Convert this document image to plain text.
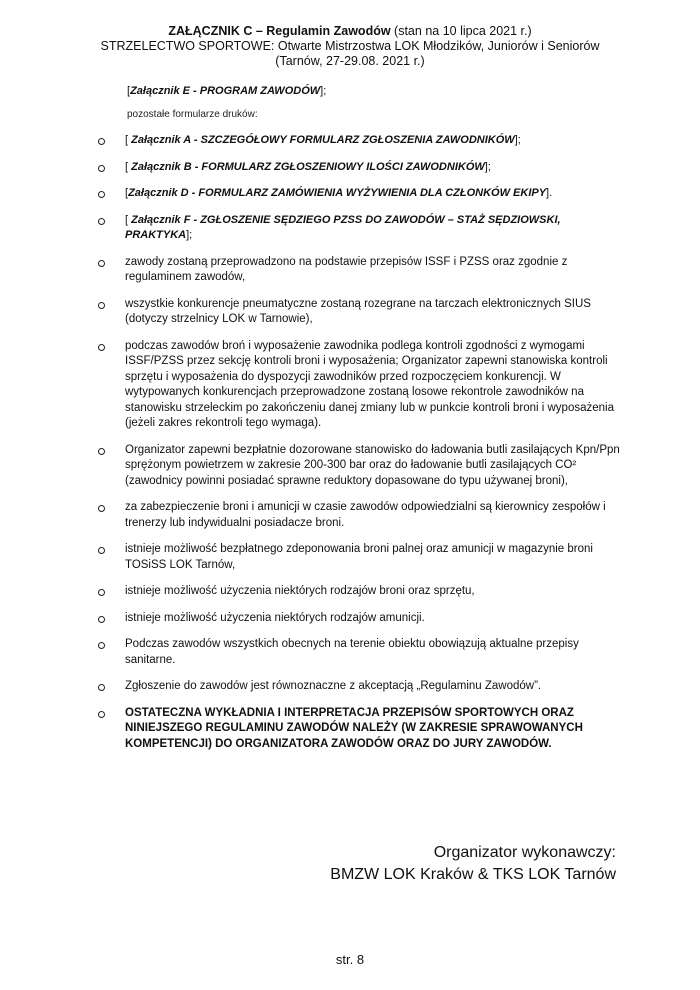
ZAŁĄCZNIK C – Regulamin Zawodów (stan na 10 lipca 2021 r.)
STRZELECTWO SPORTOWE: Otwarte Mistrzostwa LOK Młodzików, Juniorów i Seniorów
(Tarnów, 27-29.08. 2021 r.)
[Załącznik E - PROGRAM ZAWODÓW];
pozostałe formularze druków:
[ Załącznik A - SZCZEGÓŁOWY FORMULARZ ZGŁOSZENIA ZAWODNIKÓW];
[ Załącznik B - FORMULARZ ZGŁOSZENIOWY ILOŚCI ZAWODNIKÓW];
[Załącznik D - FORMULARZ ZAMÓWIENIA WYŻYWIENIA DLA CZŁONKÓW EKIPY].
[ Załącznik F - ZGŁOSZENIE SĘDZIEGO PZSS DO ZAWODÓW – STAŻ SĘDZIOWSKI, PRAKTYKA];
zawody zostaną przeprowadzono na podstawie przepisów ISSF i PZSS oraz zgodnie z regulaminem zawodów,
wszystkie konkurencje pneumatyczne zostaną rozegrane na tarczach elektronicznych SIUS (dotyczy strzelnicy LOK w Tarnowie),
podczas zawodów broń i wyposażenie zawodnika podlega kontroli zgodności z wymogami ISSF/PZSS przez sekcję kontroli broni i wyposażenia; Organizator zapewni stanowiska kontroli sprzętu i wyposażenia do dyspozycji zawodników przed rozpoczęciem konkurencji. W wytypowanych konkurencjach przeprowadzone zostaną losowe rekontrole zawodników na stanowisku strzeleckim po zakończeniu danej zmiany lub w punkcie kontroli broni i wyposażenia (jeżeli zakres rekontroli tego wymaga).
Organizator zapewni bezpłatnie dozorowane stanowisko do ładowania butli zasilających Kpn/Ppn sprężonym powietrzem w zakresie 200-300 bar oraz do ładowanie butli zasilających CO² (zawodnicy powinni posiadać sprawne reduktory dopasowane do typu używanej broni),
za zabezpieczenie broni i amunicji w czasie zawodów odpowiedzialni są kierownicy zespołów i trenerzy lub indywidualni posiadacze broni.
istnieje możliwość bezpłatnego zdeponowania broni palnej oraz amunicji w magazynie broni TOSiSS LOK Tarnów,
istnieje możliwość użyczenia niektórych rodzajów broni oraz sprzętu,
istnieje możliwość użyczenia niektórych rodzajów amunicji.
Podczas zawodów wszystkich obecnych na terenie obiektu obowiązują aktualne przepisy sanitarne.
Zgłoszenie do zawodów jest równoznaczne z akceptacją „Regulaminu Zawodów”.
OSTATECZNA WYKŁADNIA I INTERPRETACJA PRZEPISÓW SPORTOWYCH ORAZ NINIEJSZEGO REGULAMINU ZAWODÓW NALEŻY (W ZAKRESIE SPRAWOWANYCH KOMPETENCJI) DO ORGANIZATORA ZAWODÓW ORAZ DO JURY ZAWODÓW.
Organizator wykonawczy:
BMZW LOK Kraków & TKS LOK Tarnów
str. 8
